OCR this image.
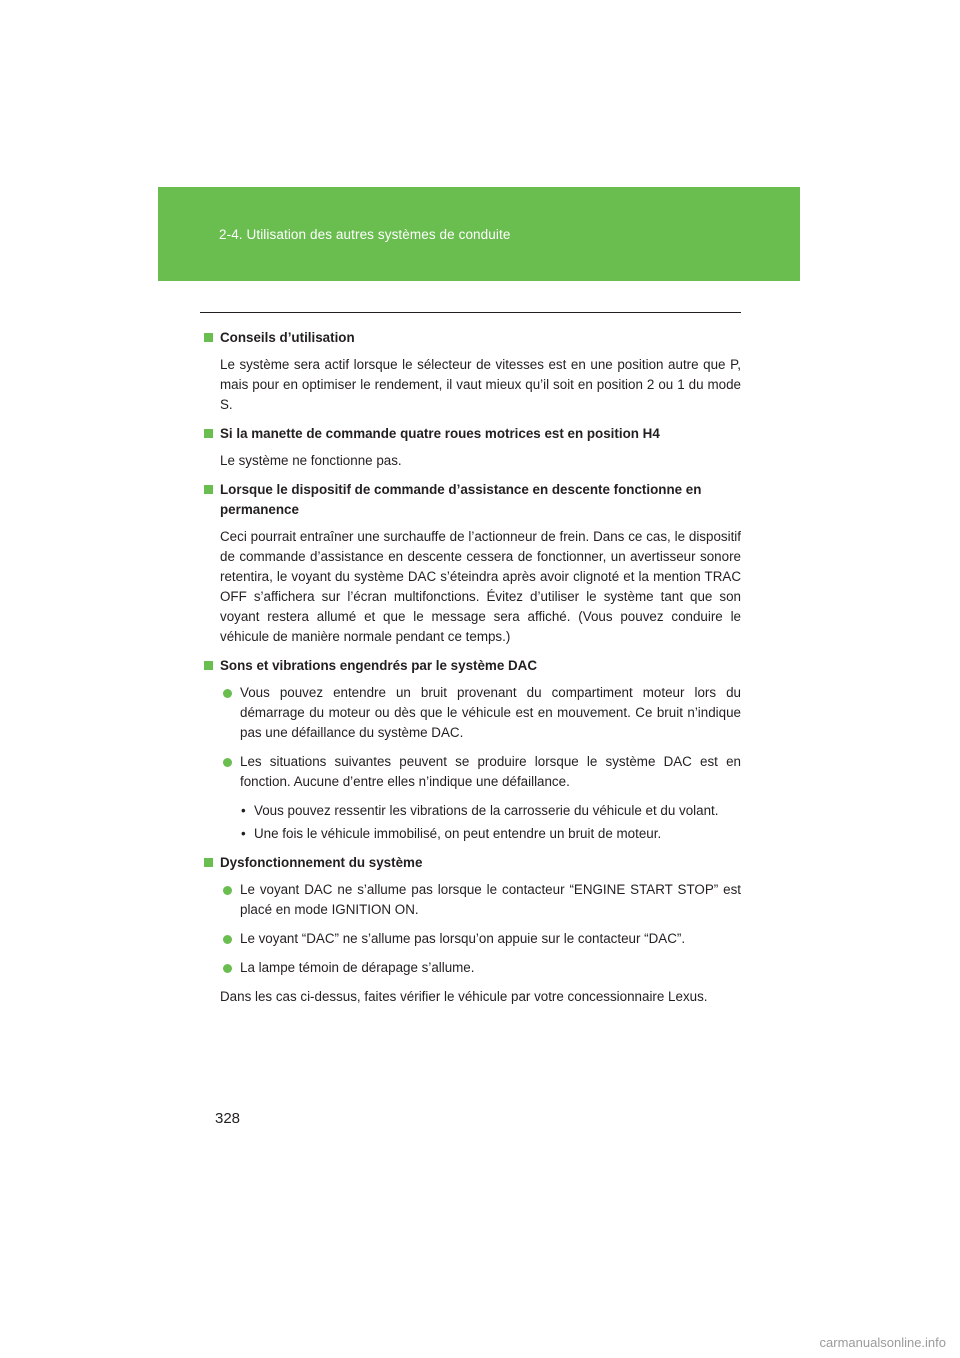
2-4. Utilisation des autres systèmes de conduite
Conseils d’utilisation
Le système sera actif lorsque le sélecteur de vitesses est en une position autre que P, mais pour en optimiser le rendement, il vaut mieux qu’il soit en position 2 ou 1 du mode S.
Si la manette de commande quatre roues motrices est en position H4
Le système ne fonctionne pas.
Lorsque le dispositif de commande d’assistance en descente fonctionne en permanence
Ceci pourrait entraîner une surchauffe de l’actionneur de frein. Dans ce cas, le dispositif de commande d’assistance en descente cessera de fonctionner, un avertisseur sonore retentira, le voyant du système DAC s’éteindra après avoir clignoté et la mention TRAC OFF s’affichera sur l’écran multifonctions. Évitez d’utiliser le système tant que son voyant restera allumé et que le message sera affiché. (Vous pouvez conduire le véhicule de manière normale pendant ce temps.)
Sons et vibrations engendrés par le système DAC
Vous pouvez entendre un bruit provenant du compartiment moteur lors du démarrage du moteur ou dès que le véhicule est en mouvement. Ce bruit n’indique pas une défaillance du système DAC.
Les situations suivantes peuvent se produire lorsque le système DAC est en fonction. Aucune d’entre elles n’indique une défaillance.
• Vous pouvez ressentir les vibrations de la carrosserie du véhicule et du volant.
• Une fois le véhicule immobilisé, on peut entendre un bruit de moteur.
Dysfonctionnement du système
Le voyant DAC ne s’allume pas lorsque le contacteur “ENGINE START STOP” est placé en mode IGNITION ON.
Le voyant “DAC” ne s’allume pas lorsqu’on appuie sur le contacteur “DAC”.
La lampe témoin de dérapage s’allume.
Dans les cas ci-dessus, faites vérifier le véhicule par votre concessionnaire Lexus.
328
carmanualsonline.info
